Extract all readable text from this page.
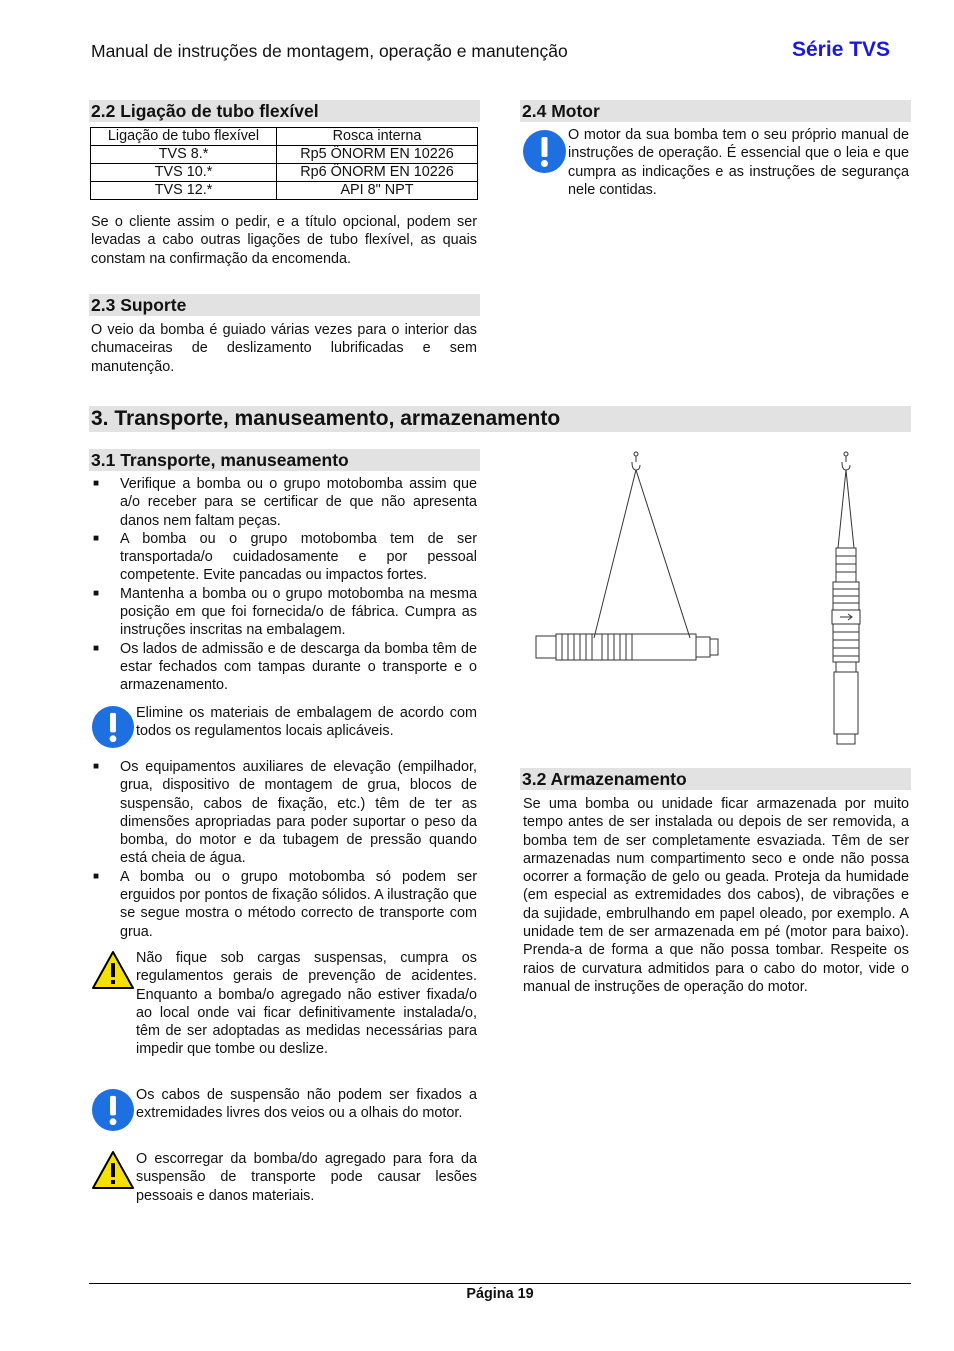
Manual de instruções de montagem, operação e manutenção	Série TVS
2.2 Ligação de tubo flexível
Ligação de tubo flexível	Rosca interna
TVS 8.*	Rp5 ÖNORM EN 10226
TVS 10.*	Rp6 ÖNORM EN 10226
TVS 12.*	API 8" NPT
Se o cliente assim o pedir, e a título opcional, podem ser levadas a cabo outras ligações de tubo flexível, as quais constam na confirmação da encomenda.
2.3 Suporte
O veio da bomba é guiado várias vezes para o interior das chumaceiras de deslizamento lubrificadas e sem manutenção.
2.4 Motor
O motor da sua bomba tem o seu próprio manual de instruções de operação. É essencial que o leia e que cumpra as indicações e as instruções de segurança nele contidas.
3. Transporte, manuseamento, armazenamento
3.1 Transporte, manuseamento
■ Verifique a bomba ou o grupo motobomba assim que a/o receber para se certificar de que não apresenta danos nem faltam peças.
■ A bomba ou o grupo motobomba tem de ser transportada/o cuidadosamente e por pessoal competente. Evite pancadas ou impactos fortes.
■ Mantenha a bomba ou o grupo motobomba na mesma posição em que foi fornecida/o de fábrica. Cumpra as instruções inscritas na embalagem.
■ Os lados de admissão e de descarga da bomba têm de estar fechados com tampas durante o transporte e o armazenamento.
Elimine os materiais de embalagem de acordo com todos os regulamentos locais aplicáveis.
■ Os equipamentos auxiliares de elevação (empilhador, grua, dispositivo de montagem de grua, blocos de suspensão, cabos de fixação, etc.) têm de ter as dimensões apropriadas para poder suportar o peso da bomba, do motor e da tubagem de pressão quando está cheia de água.
■ A bomba ou o grupo motobomba só podem ser erguidos por pontos de fixação sólidos. A ilustração que se segue mostra o método correcto de transporte com grua.
Não fique sob cargas suspensas, cumpra os regulamentos gerais de prevenção de acidentes. Enquanto a bomba/o agregado não estiver fixada/o ao local onde vai ficar definitivamente instalada/o, têm de ser adoptadas as medidas necessárias para impedir que tombe ou deslize.
Os cabos de suspensão não podem ser fixados a extremidades livres dos veios ou a olhais do motor.
O escorregar da bomba/do agregado para fora da suspensão de transporte pode causar lesões pessoais e danos materiais.
3.2 Armazenamento
Se uma bomba ou unidade ficar armazenada por muito tempo antes de ser instalada ou depois de ser removida, a bomba tem de ser completamente esvaziada. Têm de ser armazenadas num compartimento seco e onde não possa ocorrer a formação de gelo ou geada. Proteja da humidade (em especial as extremidades dos cabos), de vibrações e da sujidade, embrulhando em papel oleado, por exemplo. A unidade tem de ser armazenada em pé (motor para baixo). Prenda-a de forma a que não possa tombar. Respeite os raios de curvatura admitidos para o cabo do motor, vide o manual de instruções de operação do motor.
Página 19
